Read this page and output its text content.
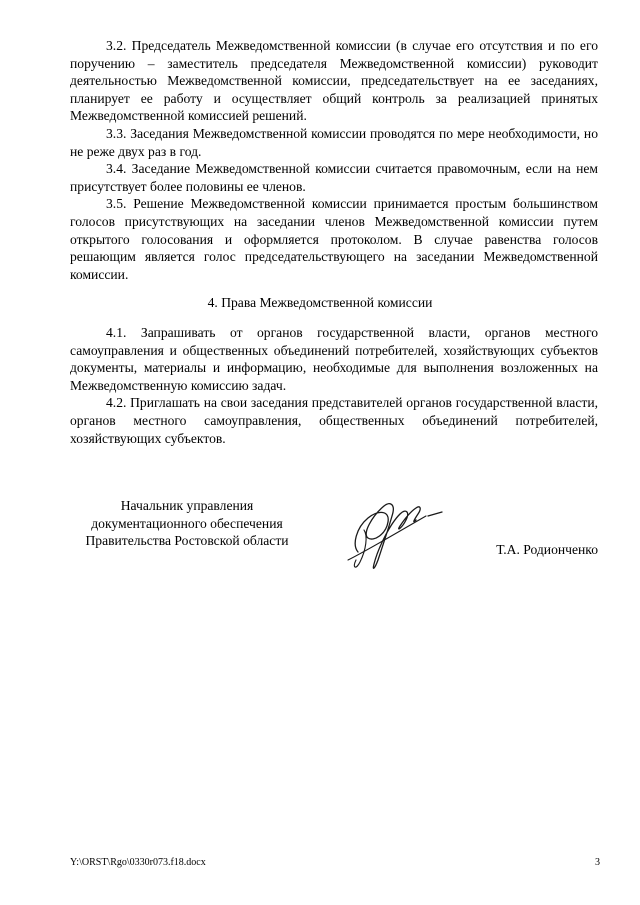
3.2. Председатель Межведомственной комиссии (в случае его отсутствия и по его поручению – заместитель председателя Межведомственной комиссии) руководит деятельностью Межведомственной комиссии, председательствует на ее заседаниях, планирует ее работу и осуществляет общий контроль за реализацией принятых Межведомственной комиссией решений.

3.3. Заседания Межведомственной комиссии проводятся по мере необходимости, но не реже двух раз в год.

3.4. Заседание Межведомственной комиссии считается правомочным, если на нем присутствует более половины ее членов.

3.5. Решение Межведомственной комиссии принимается простым большинством голосов присутствующих на заседании членов Межведомственной комиссии путем открытого голосования и оформляется протоколом. В случае равенства голосов решающим является голос председательствующего на заседании Межведомственной комиссии.

4. Права Межведомственной комиссии

4.1. Запрашивать от органов государственной власти, органов местного самоуправления и общественных объединений потребителей, хозяйствующих субъектов документы, материалы и информацию, необходимые для выполнения возложенных на Межведомственную комиссию задач.

4.2. Приглашать на свои заседания представителей органов государственной власти, органов местного самоуправления, общественных объединений потребителей, хозяйствующих субъектов.

Начальник управления
документационного обеспечения
Правительства Ростовской области
Т.А. Родионченко
Y:\ORST\Rgo\0330r073.f18.docx	3
